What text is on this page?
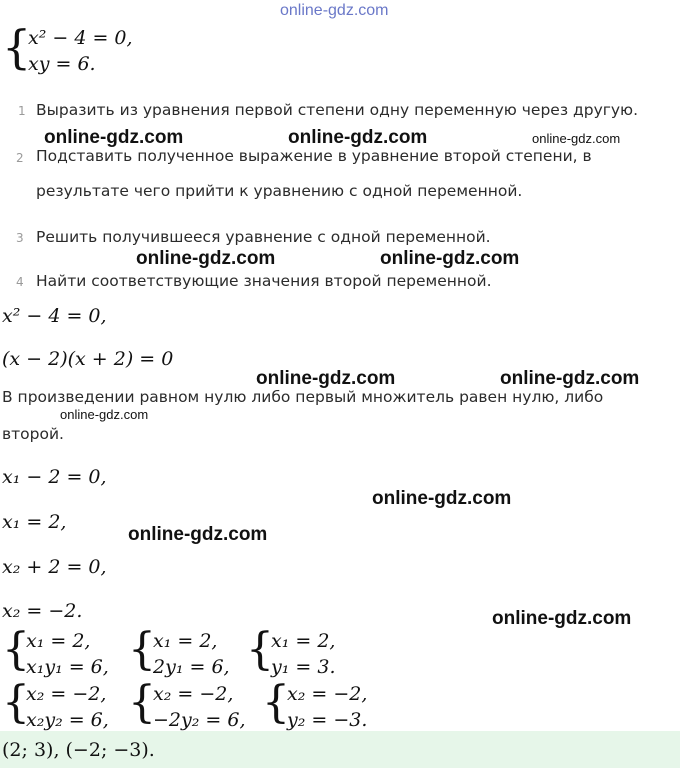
online-gdz.com
{
x² − 4 = 0,
xy = 6.
1 Выразить из уравнения первой степени одну переменную через другую.
online-gdz.com	online-gdz.com	online-gdz.com
2 Подставить полученное выражение в уравнение второй степени, в
результате чего прийти к уравнению с одной переменной.
3 Решить получившееся уравнение с одной переменной.
online-gdz.com	online-gdz.com
4 Найти соответствующие значения второй переменной.
x² − 4 = 0,
(x − 2)(x + 2) = 0
online-gdz.com	online-gdz.com
В произведении равном нулю либо первый множитель равен нулю, либо
online-gdz.com
второй.
x₁ − 2 = 0,
online-gdz.com
x₁ = 2,
online-gdz.com
x₂ + 2 = 0,
x₂ = −2.	online-gdz.com
{
x₁ = 2,
x₁y₁ = 6, {
x₁ = 2,
2y₁ = 6, {
x₁ = 2,
y₁ = 3.
{
x₂ = −2,
x₂y₂ = 6, {
x₂ = −2,
−2y₂ = 6, {
x₂ = −2,
y₂ = −3.
(2; 3), (−2; −3).
